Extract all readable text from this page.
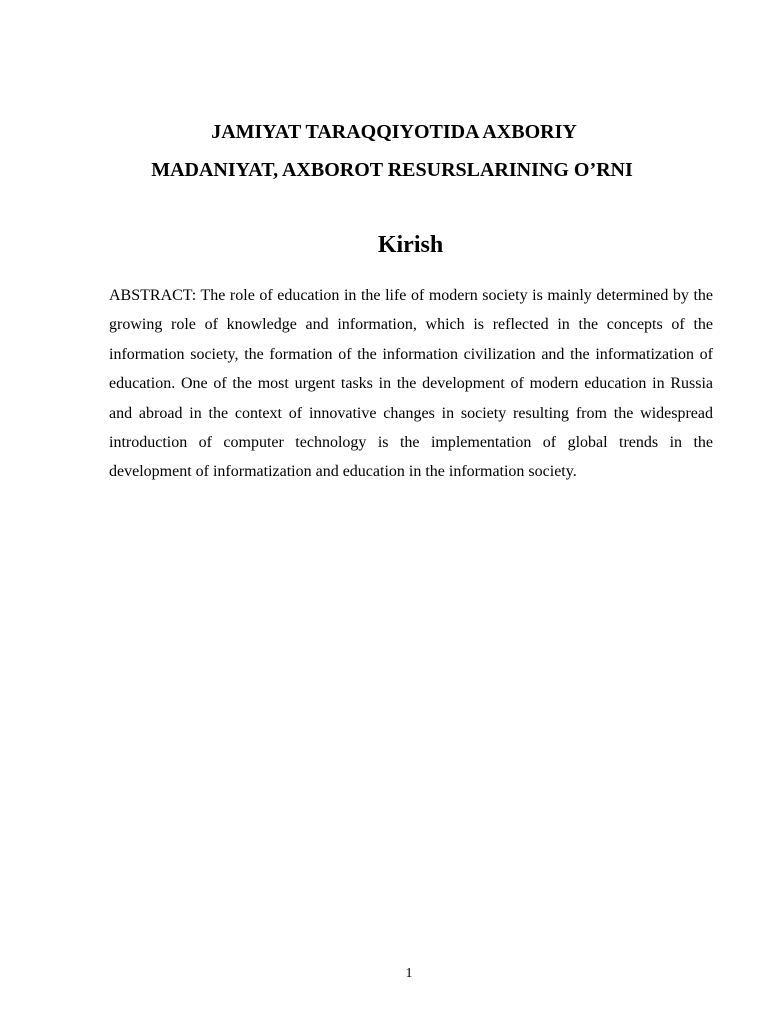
JAMIYAT TARAQQIYOTIDA AXBORIY
MADANIYAT, AXBOROT RESURSLARINING O’RNI
Kirish

ABSTRACT: The role of education in the life of modern society is mainly determined by the growing role of knowledge and information, which is reflected in the concepts of the information society, the formation of the information civilization and the informatization of education. One of the most urgent tasks in the development of modern education in Russia and abroad in the context of innovative changes in society resulting from the widespread introduction of computer technology is the implementation of global trends in the development of informatization and education in the information society.

1
